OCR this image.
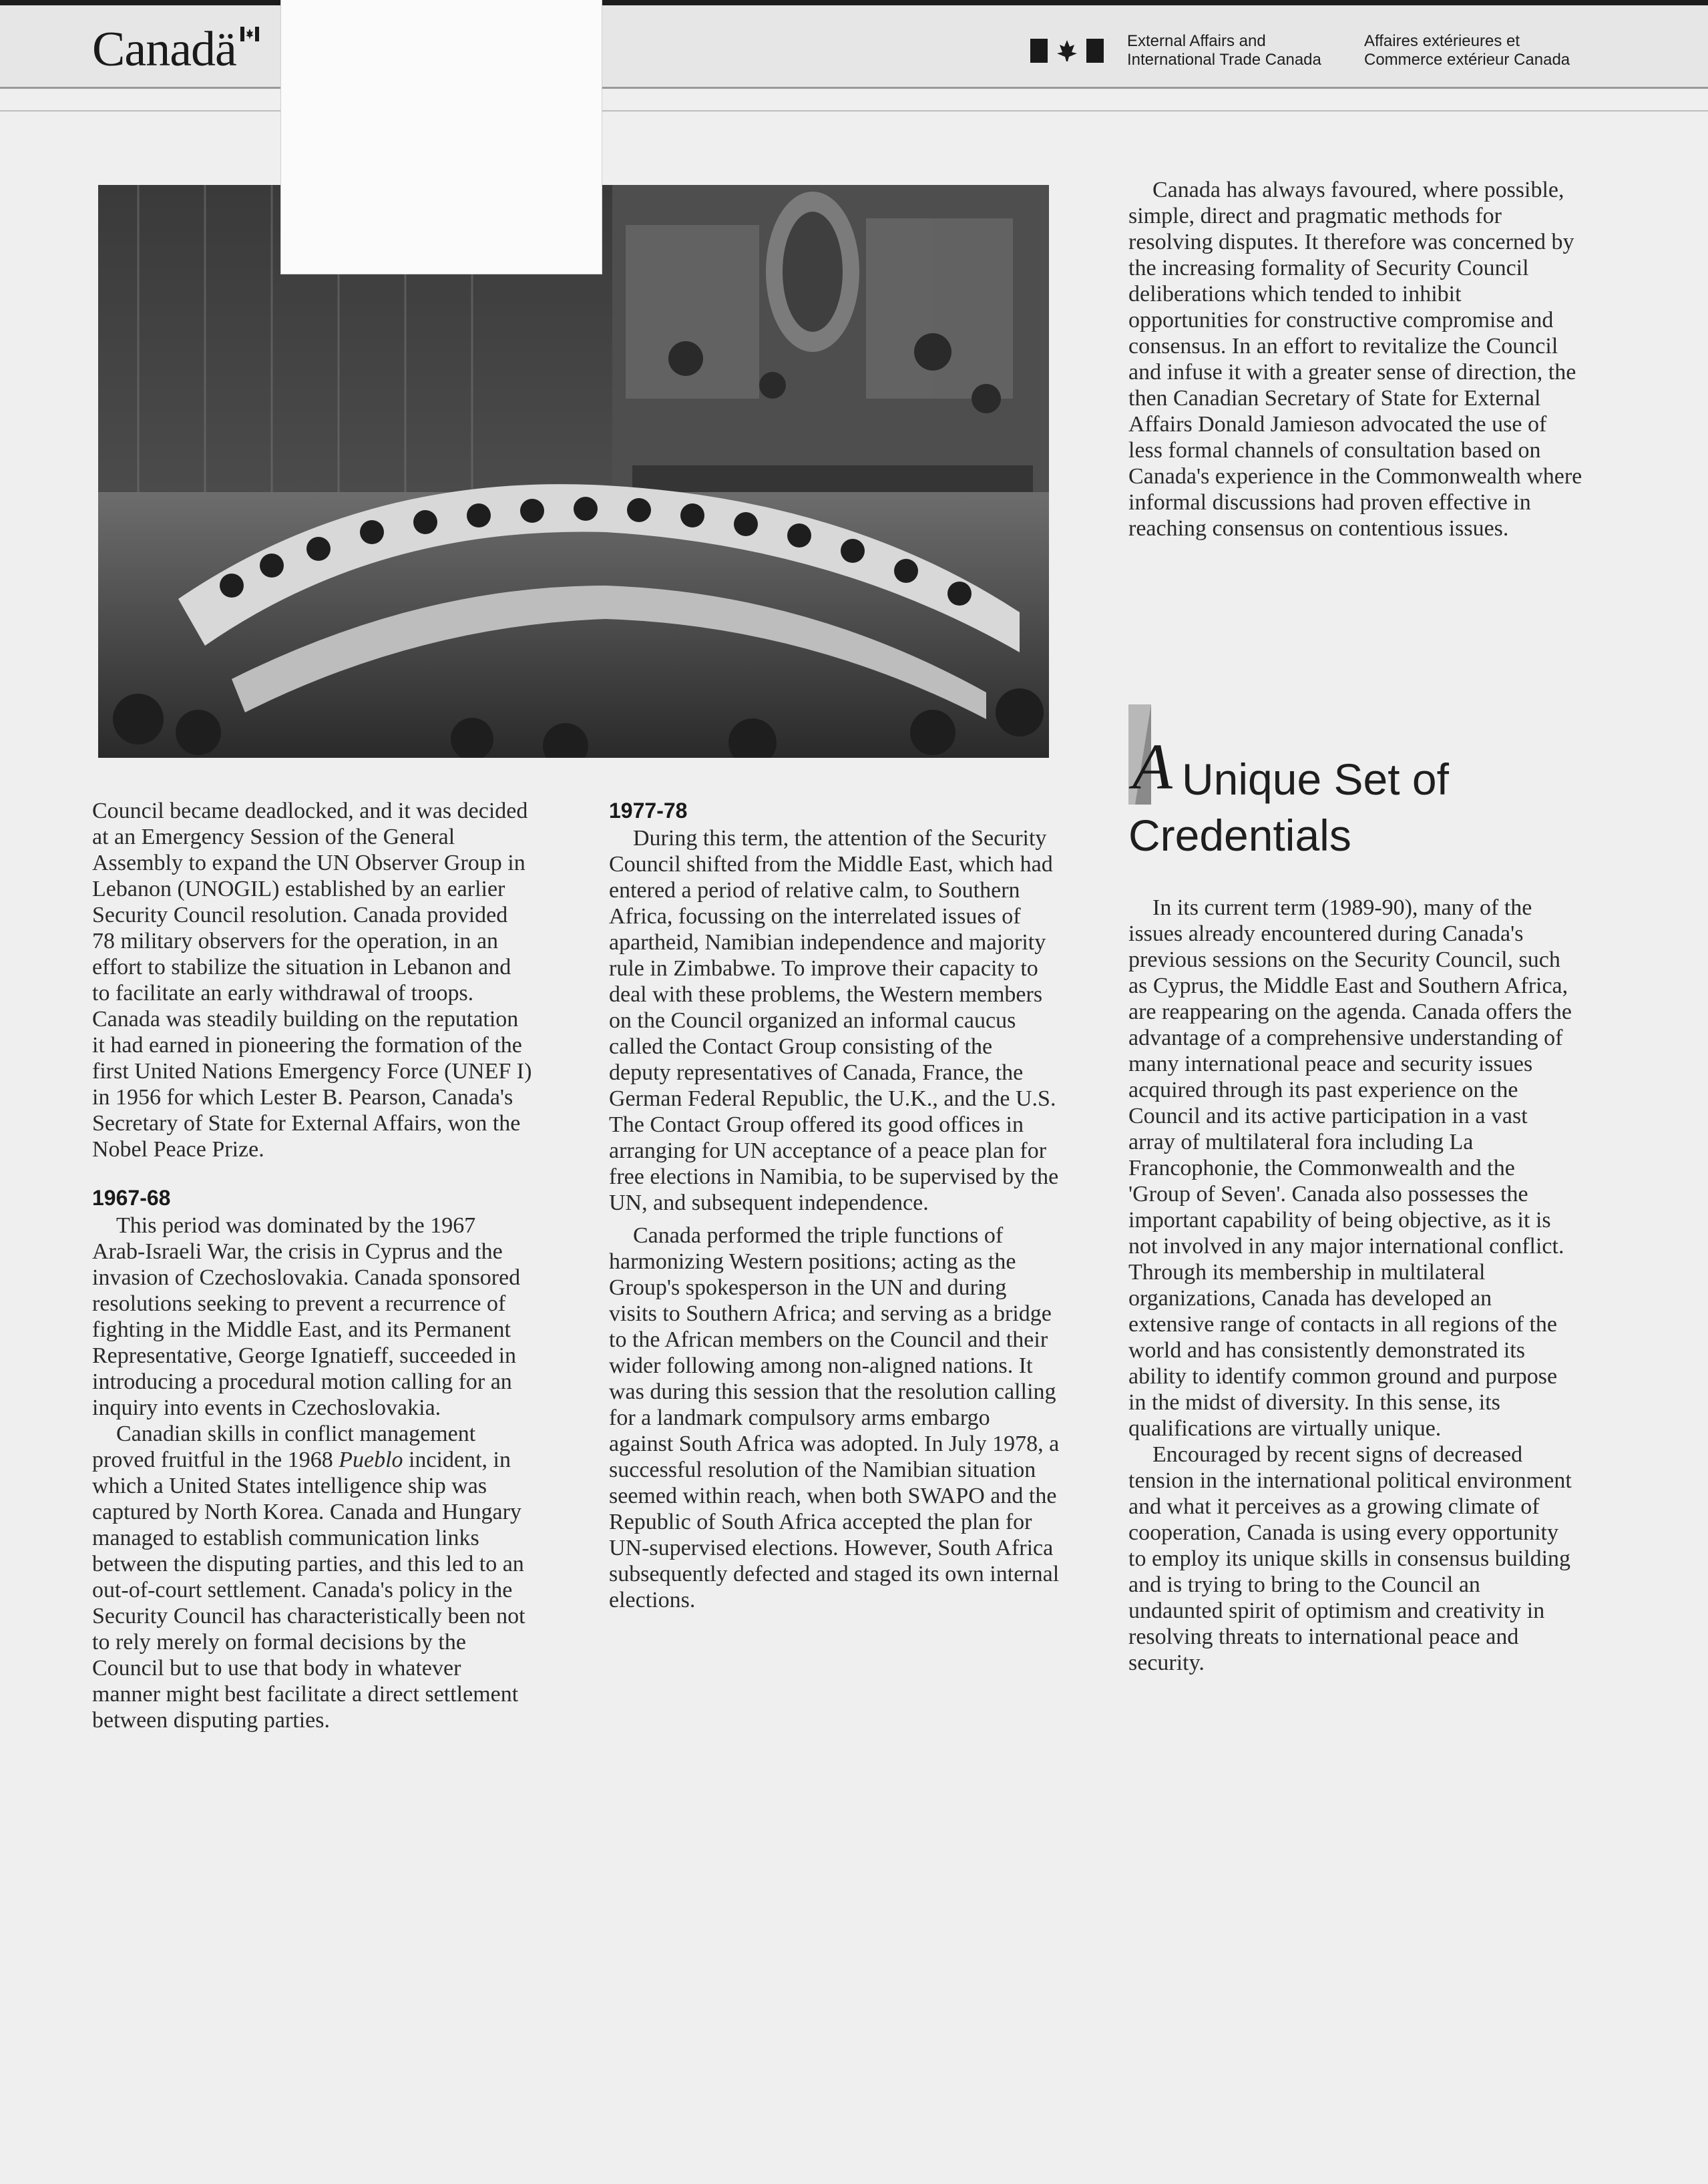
Canadä	External Affairs and
International Trade Canada
Affaires extérieures et
Commerce extérieur Canada

Council became deadlocked, and it was decided at an Emergency Session of the General Assembly to expand the UN Observer Group in Lebanon (UNOGIL) established by an earlier Security Council resolution. Canada provided 78 military observers for the operation, in an effort to stabilize the situation in Lebanon and to facilitate an early withdrawal of troops. Canada was steadily building on the reputation it had earned in pioneering the formation of the first United Nations Emergency Force (UNEF I) in 1956 for which Lester B. Pearson, Canada's Secretary of State for External Affairs, won the Nobel Peace Prize.

1967-68

This period was dominated by the 1967 Arab-Israeli War, the crisis in Cyprus and the invasion of Czechoslovakia. Canada sponsored resolutions seeking to prevent a recurrence of fighting in the Middle East, and its Permanent Representative, George Ignatieff, succeeded in introducing a procedural motion calling for an inquiry into events in Czechoslovakia.

Canadian skills in conflict management proved fruitful in the 1968 Pueblo incident, in which a United States intelligence ship was captured by North Korea. Canada and Hungary managed to establish communication links between the disputing parties, and this led to an out-of-court settlement. Canada's policy in the Security Council has characteristically been not to rely merely on formal decisions by the Council but to use that body in whatever manner might best facilitate a direct settlement between disputing parties.

1977-78

During this term, the attention of the Security Council shifted from the Middle East, which had entered a period of relative calm, to Southern Africa, focussing on the interrelated issues of apartheid, Namibian independence and majority rule in Zimbabwe. To improve their capacity to deal with these problems, the Western members on the Council organized an informal caucus called the Contact Group consisting of the deputy representatives of Canada, France, the German Federal Republic, the U.K., and the U.S. The Contact Group offered its good offices in arranging for UN acceptance of a peace plan for free elections in Namibia, to be supervised by the UN, and subsequent independence.

Canada performed the triple functions of harmonizing Western positions; acting as the Group's spokesperson in the UN and during visits to Southern Africa; and serving as a bridge to the African members on the Council and their wider following among non-aligned nations. It was during this session that the resolution calling for a landmark compulsory arms embargo against South Africa was adopted. In July 1978, a successful resolution of the Namibian situation seemed within reach, when both SWAPO and the Republic of South Africa accepted the plan for UN-supervised elections. However, South Africa subsequently defected and staged its own internal elections.

Canada has always favoured, where possible, simple, direct and pragmatic methods for resolving disputes. It therefore was concerned by the increasing formality of Security Council deliberations which tended to inhibit opportunities for constructive compromise and consensus. In an effort to revitalize the Council and infuse it with a greater sense of direction, the then Canadian Secretary of State for External Affairs Donald Jamieson advocated the use of less formal channels of consultation based on Canada's experience in the Commonwealth where informal discussions had proven effective in reaching consensus on contentious issues.

A Unique Set of Credentials

In its current term (1989-90), many of the issues already encountered during Canada's previous sessions on the Security Council, such as Cyprus, the Middle East and Southern Africa, are reappearing on the agenda. Canada offers the advantage of a comprehensive understanding of many international peace and security issues acquired through its past experience on the Council and its active participation in a vast array of multilateral fora including La Francophonie, the Commonwealth and the 'Group of Seven'. Canada also possesses the important capability of being objective, as it is not involved in any major international conflict. Through its membership in multilateral organizations, Canada has developed an extensive range of contacts in all regions of the world and has consistently demonstrated its ability to identify common ground and purpose in the midst of diversity. In this sense, its qualifications are virtually unique.

Encouraged by recent signs of decreased tension in the international political environment and what it perceives as a growing climate of cooperation, Canada is using every opportunity to employ its unique skills in consensus building and is trying to bring to the Council an undaunted spirit of optimism and creativity in resolving threats to international peace and security.
